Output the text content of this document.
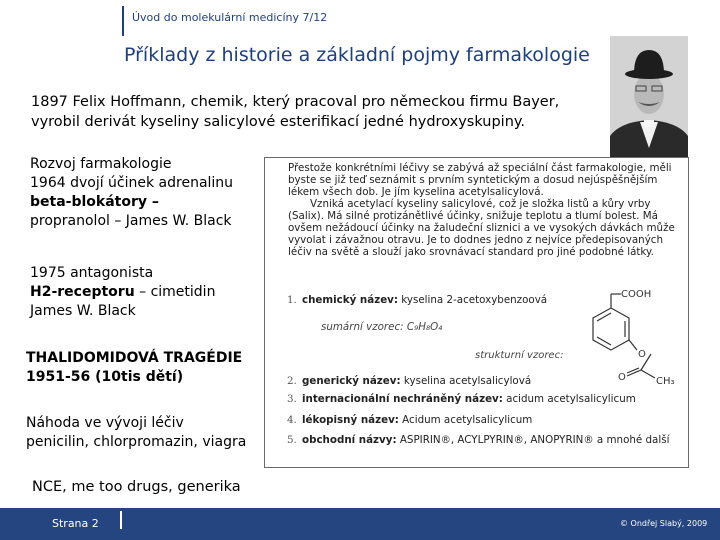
Úvod do molekulární medicíny 7/12
Příklady z historie a základní pojmy farmakologie
1897 Felix Hoffmann, chemik, který pracoval pro německou firmu Bayer, vyrobil derivát kyseliny salicylové esterifikací jedné hydroxyskupiny.
Rozvoj farmakologie
1964 dvojí účinek adrenalinu
beta-blokátory –
propranolol – James W. Black
1975 antagonista
H2-receptoru – cimetidin
James W. Black
THALIDOMIDOVÁ TRAGÉDIE
1951-56 (10tis dětí)
Náhoda ve vývoji léčiv
penicilin, chlorpromazin, viagra
NCE, me too drugs, generika

Přestože konkrétními léčivy se zabývá až speciální část farmakologie, měli byste se již teď seznámit s prvním syntetickým a dosud nejúspěšnějším lékem všech dob. Je jím kyselina acetylsalicylová.

Vzniká acetylací kyseliny salicylové, což je složka listů a kůry vrby (Salix). Má silné protizánětlivé účinky, snižuje teplotu a tlumí bolest. Má ovšem nežádoucí účinky na žaludeční sliznici a ve vysokých dávkách může vyvolat i závažnou otravu. Je to dodnes jedno z nejvíce předepisovaných léčiv na světě a slouží jako srovnávací standard pro jiné podobné látky.

1. chemický název: kyselina 2-acetoxybenzoová
sumární vzorec: C₉H₈O₄
strukturní vzorec:
2. generický název: kyselina acetylsalicylová
3. internacionální nechráněný název: acidum acetylsalicylicum
4. lékopisný název: Acidum acetylsalicylicum
5. obchodní názvy: ASPIRIN®, ACYLPYRIN®, ANOPYRIN® a mnohé další
COOH
O
O	CH₃
Strana 2	© Ondřej Slabý, 2009
